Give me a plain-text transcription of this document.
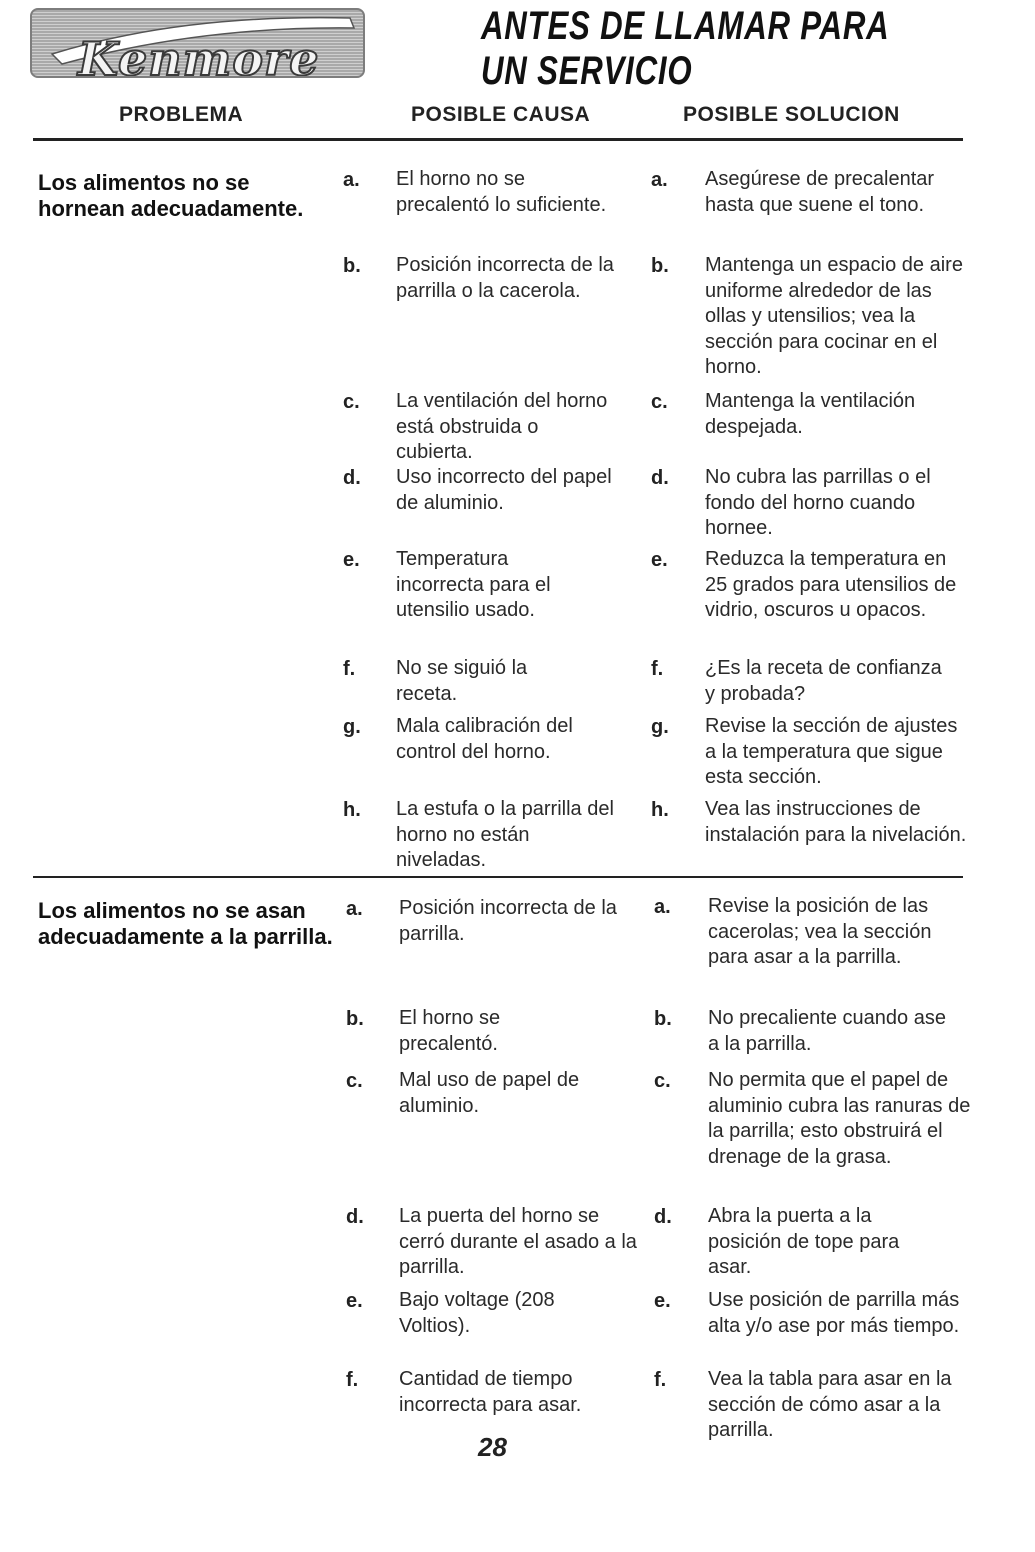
Kenmore
ANTES DE LLAMAR PARA UN SERVICIO
PROBLEMA	POSIBLE CAUSA	POSIBLE SOLUCION
Los alimentos no se hornean adecuadamente.
a. El horno no se precalentó lo suficiente.
a. Asegúrese de precalentar hasta que suene el tono.
b. Posición incorrecta de la parrilla o la cacerola.
b. Mantenga un espacio de aire uniforme alrededor de las ollas y utensilios; vea la sección para cocinar en el horno.
c. La ventilación del horno está obstruida o cubierta.
c. Mantenga la ventilación despejada.
d. Uso incorrecto del papel de aluminio.
d. No cubra las parrillas o el fondo del horno cuando hornee.
e. Temperatura incorrecta para el utensilio usado.
e. Reduzca la temperatura en 25 grados para utensilios de vidrio, oscuros u opacos.
f. No se siguió la receta.
f. ¿Es la receta de confianza y probada?
g. Mala calibración del control del horno.
g. Revise la sección de ajustes a la temperatura que sigue esta sección.
h. La estufa o la parrilla del horno no están niveladas.
h. Vea las instrucciones de instalación para la nivelación.
Los alimentos no se asan adecuadamente a la parrilla.
a. Posición incorrecta de la parrilla.
a. Revise la posición de las cacerolas; vea la sección para asar a la parrilla.
b. El horno se precalentó.
b. No precaliente cuando ase a la parrilla.
c. Mal uso de papel de aluminio.
c. No permita que el papel de aluminio cubra las ranuras de la parrilla; esto obstruirá el drenage de la grasa.
d. La puerta del horno se cerró durante el asado a la parrilla.
d. Abra la puerta a la posición de tope para asar.
e. Bajo voltage (208 Voltios).
e. Use posición de parrilla más alta y/o ase por más tiempo.
f. Cantidad de tiempo incorrecta para asar.
f. Vea la tabla para asar en la sección de cómo asar a la parrilla.
28
